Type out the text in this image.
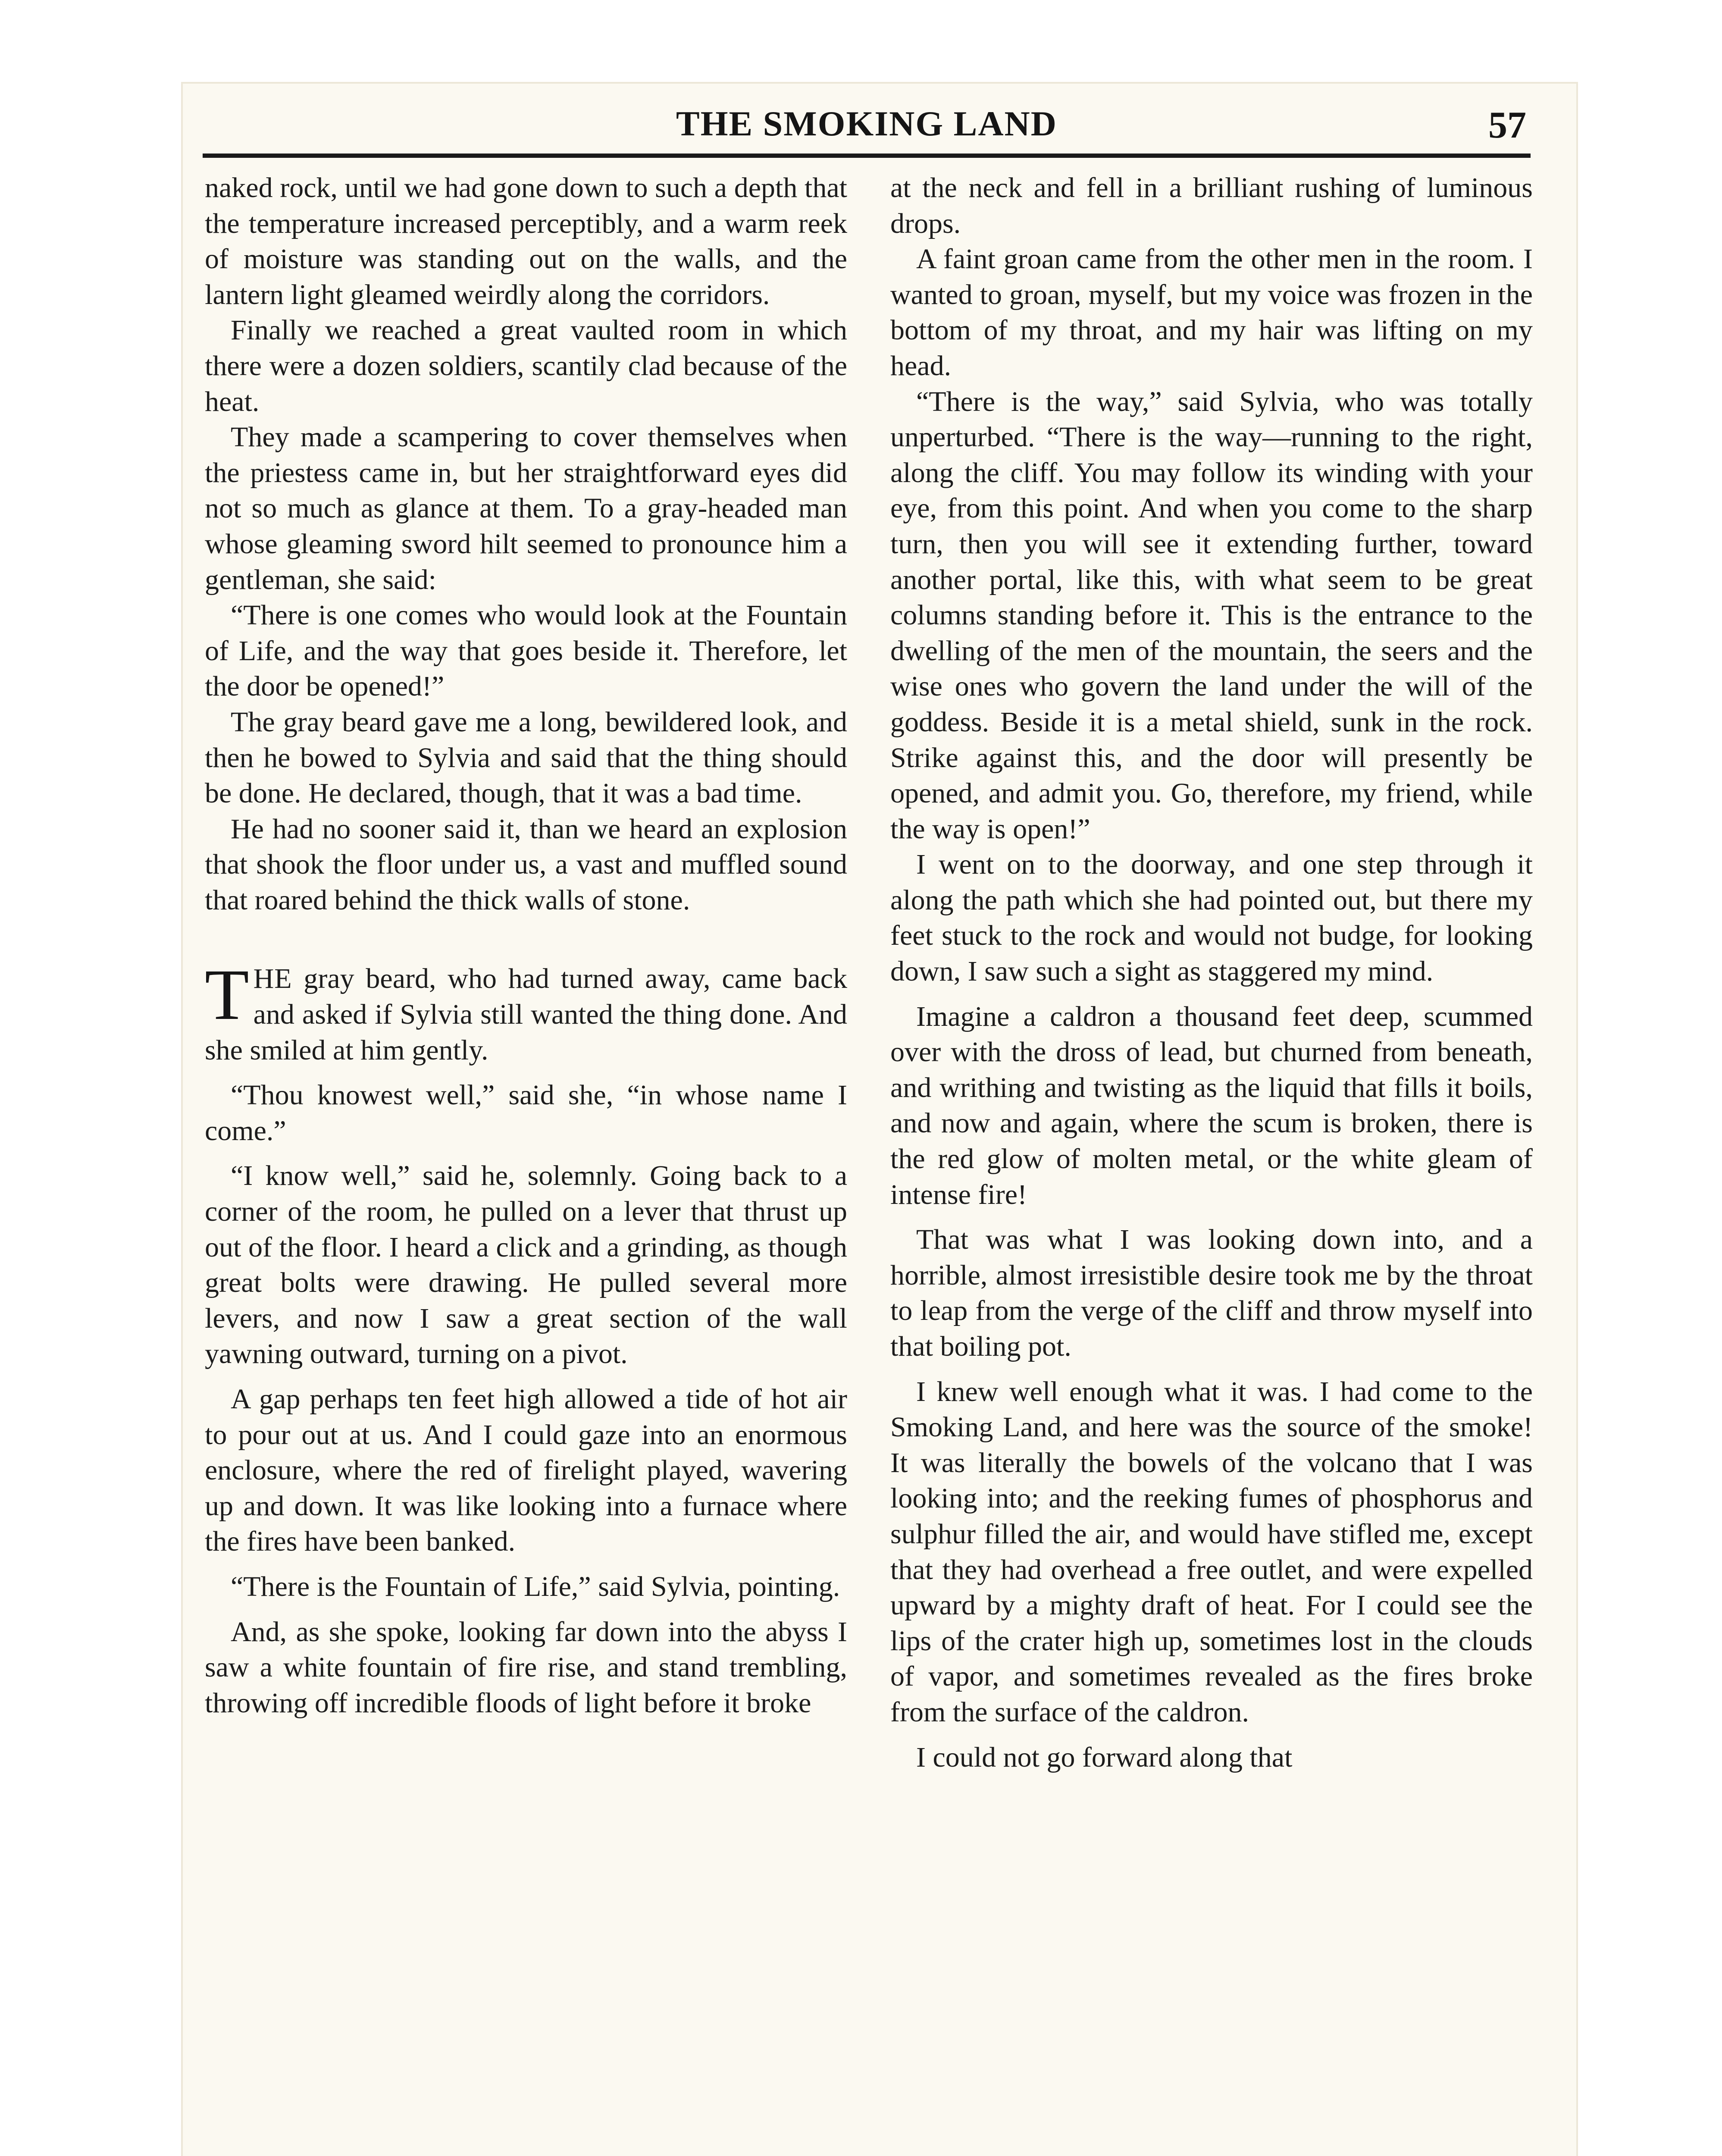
THE SMOKING LAND	57

naked rock, until we had gone down to such a depth that the temperature increased perceptibly, and a warm reek of moisture was standing out on the walls, and the lantern light gleamed weirdly along the corridors.

Finally we reached a great vaulted room in which there were a dozen soldiers, scantily clad because of the heat.

They made a scampering to cover themselves when the priestess came in, but her straightforward eyes did not so much as glance at them. To a gray-headed man whose gleaming sword hilt seemed to pronounce him a gentleman, she said:

“There is one comes who would look at the Fountain of Life, and the way that goes beside it. Therefore, let the door be opened!”

The gray beard gave me a long, bewildered look, and then he bowed to Sylvia and said that the thing should be done. He declared, though, that it was a bad time.

He had no sooner said it, than we heard an explosion that shook the floor under us, a vast and muffled sound that roared behind the thick walls of stone.

THE gray beard, who had turned away, came back and asked if Sylvia still wanted the thing done. And she smiled at him gently.

“Thou knowest well,” said she, “in whose name I come.”

“I know well,” said he, solemnly. Going back to a corner of the room, he pulled on a lever that thrust up out of the floor. I heard a click and a grinding, as though great bolts were drawing. He pulled several more levers, and now I saw a great section of the wall yawning outward, turning on a pivot.

A gap perhaps ten feet high allowed a tide of hot air to pour out at us. And I could gaze into an enormous enclosure, where the red of firelight played, wavering up and down. It was like looking into a furnace where the fires have been banked.

“There is the Fountain of Life,” said Sylvia, pointing.

And, as she spoke, looking far down into the abyss I saw a white fountain of fire rise, and stand trembling, throwing off incredible floods of light before it broke

at the neck and fell in a brilliant rushing of luminous drops.

A faint groan came from the other men in the room. I wanted to groan, myself, but my voice was frozen in the bottom of my throat, and my hair was lifting on my head.

“There is the way,” said Sylvia, who was totally unperturbed. “There is the way—running to the right, along the cliff. You may follow its winding with your eye, from this point. And when you come to the sharp turn, then you will see it extending further, toward another portal, like this, with what seem to be great columns standing before it. This is the entrance to the dwelling of the men of the mountain, the seers and the wise ones who govern the land under the will of the goddess. Beside it is a metal shield, sunk in the rock. Strike against this, and the door will presently be opened, and admit you. Go, therefore, my friend, while the way is open!”

I went on to the doorway, and one step through it along the path which she had pointed out, but there my feet stuck to the rock and would not budge, for looking down, I saw such a sight as staggered my mind.

Imagine a caldron a thousand feet deep, scummed over with the dross of lead, but churned from beneath, and writhing and twisting as the liquid that fills it boils, and now and again, where the scum is broken, there is the red glow of molten metal, or the white gleam of intense fire!

That was what I was looking down into, and a horrible, almost irresistible desire took me by the throat to leap from the verge of the cliff and throw myself into that boiling pot.

I knew well enough what it was. I had come to the Smoking Land, and here was the source of the smoke! It was literally the bowels of the volcano that I was looking into; and the reeking fumes of phosphorus and sulphur filled the air, and would have stifled me, except that they had overhead a free outlet, and were expelled upward by a mighty draft of heat. For I could see the lips of the crater high up, sometimes lost in the clouds of vapor, and sometimes revealed as the fires broke from the surface of the caldron.

I could not go forward along that
